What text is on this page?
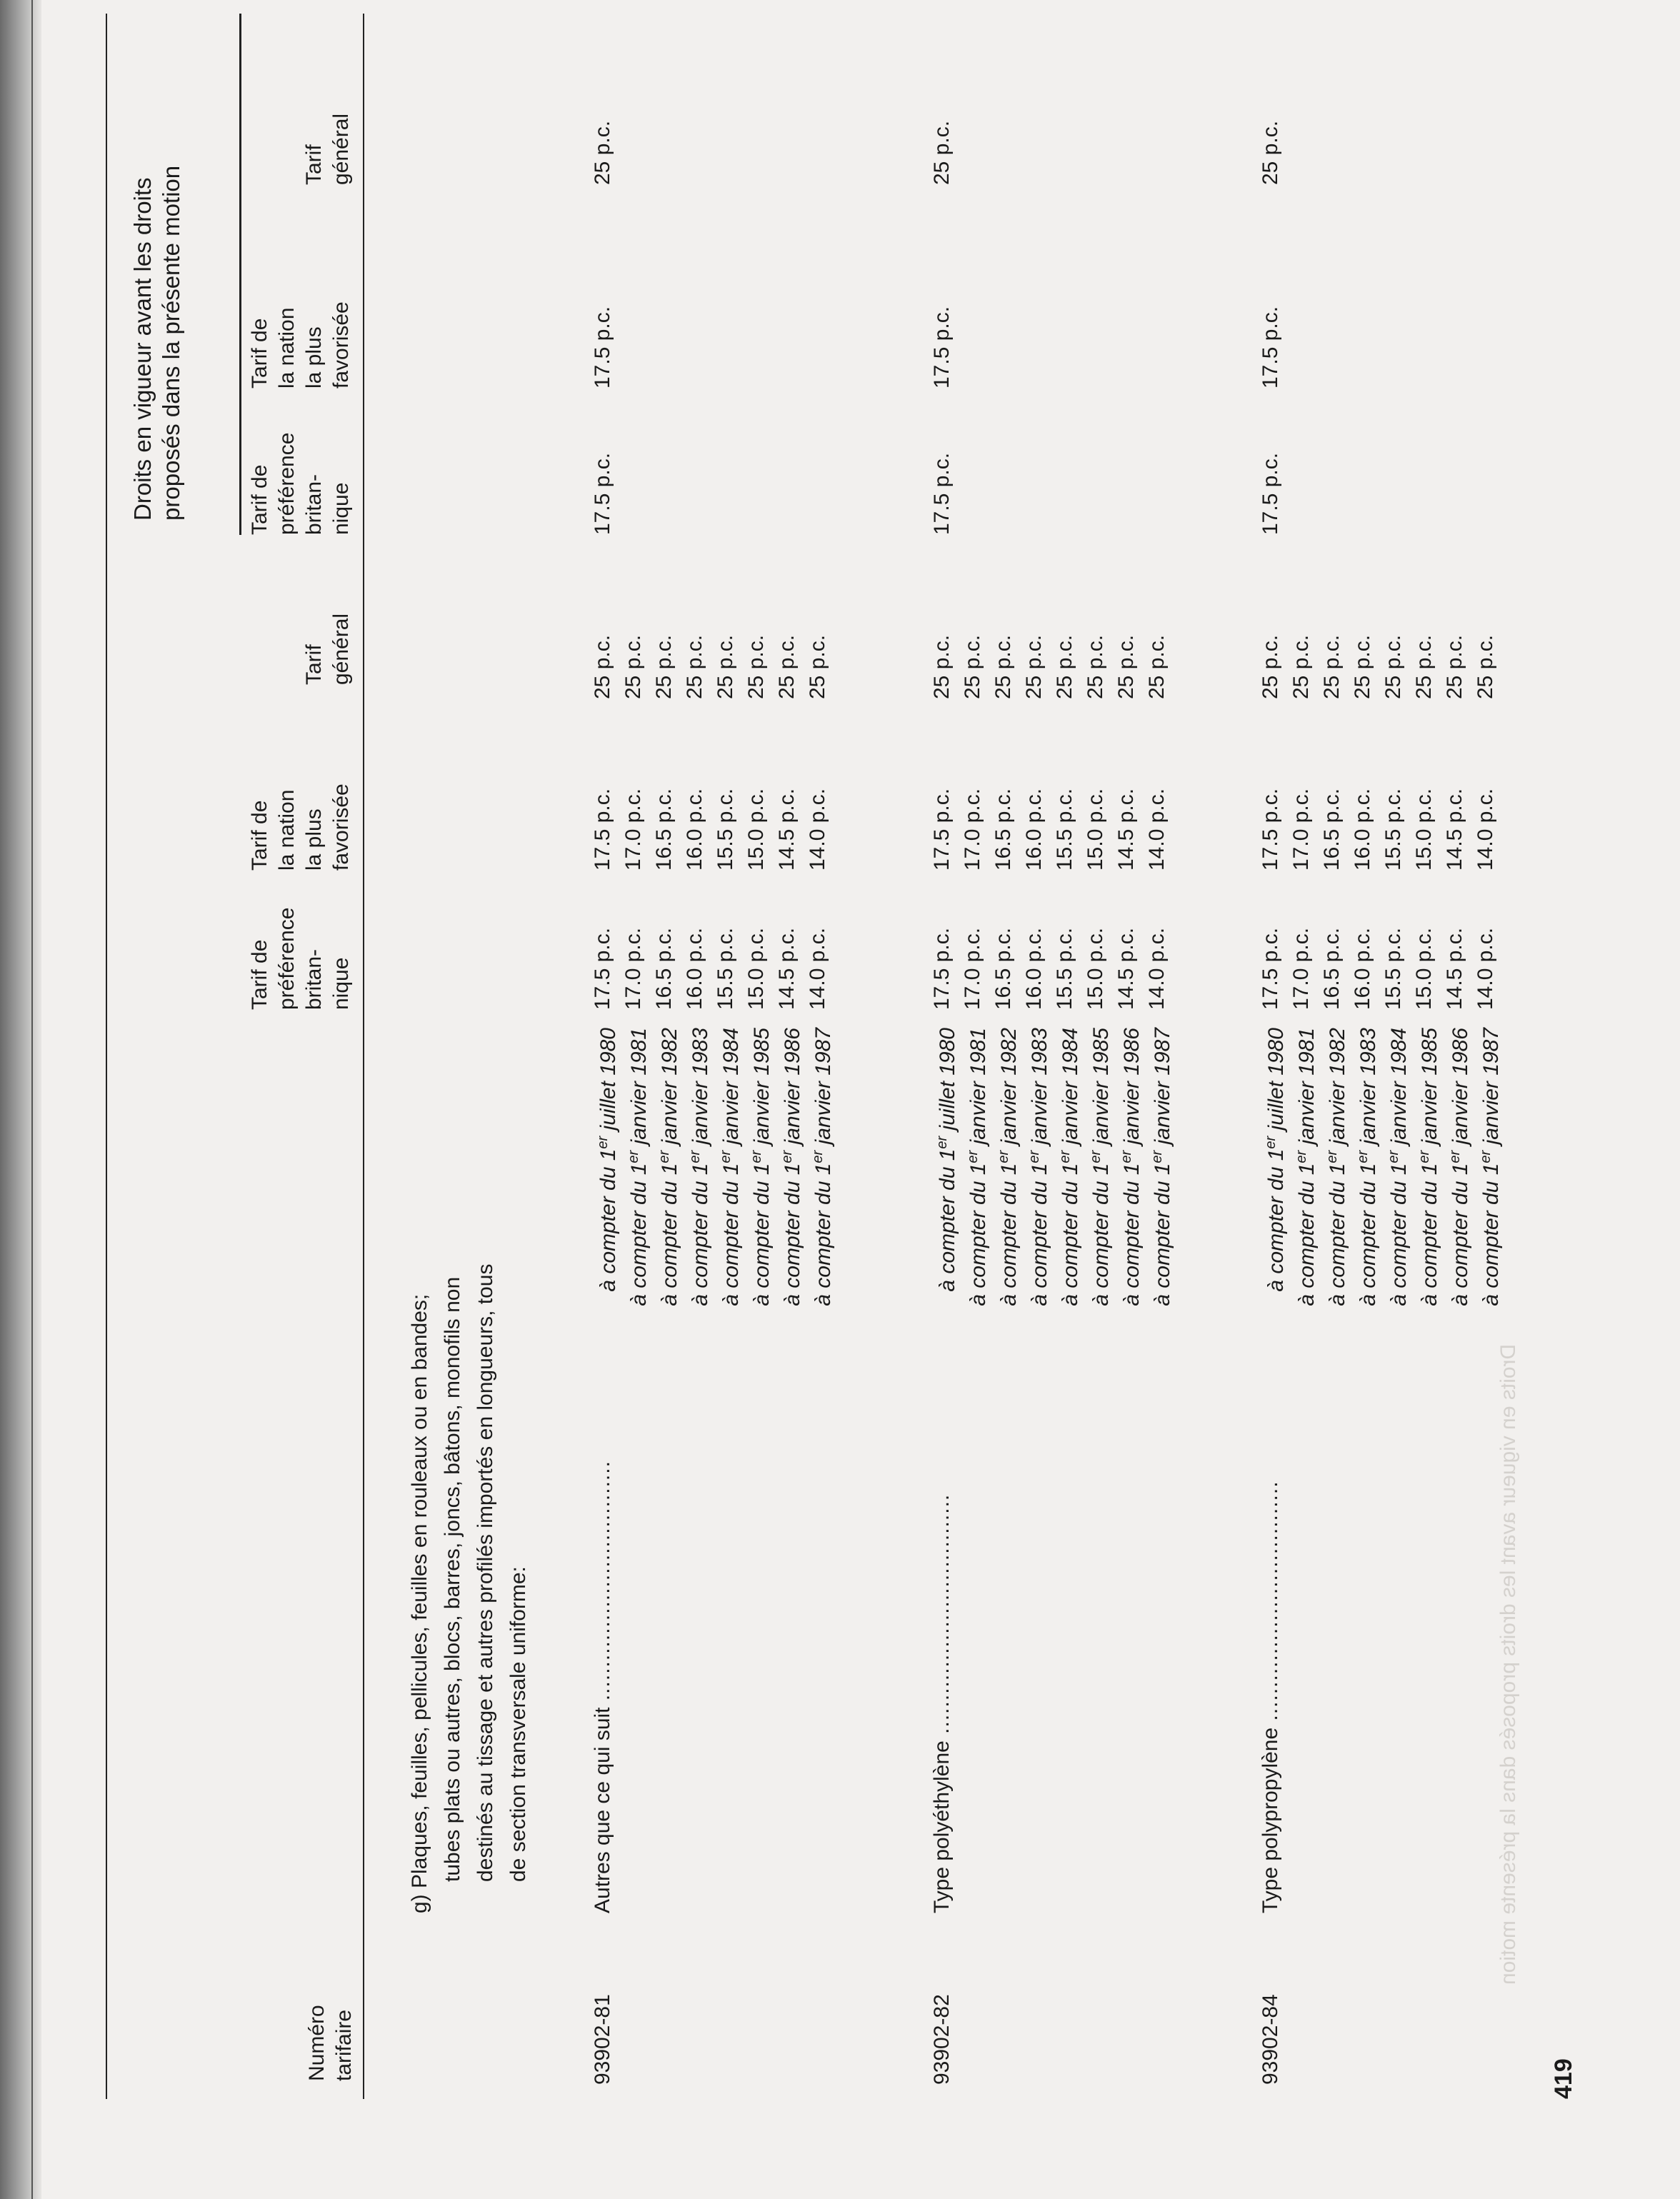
Droits en vigueur avant les droits proposés dans la présente motion
Numéro tarifaire
Tarif de préférence britan- nique
Tarif de la nation la plus favorisée
Tarif général
Droits en vigueur avant les droits proposés dans la présente motion	Tarif de préférence britan- nique
Tarif de la nation la plus favorisée
Tarif général
g) Plaques, feuilles, pellicules, feuilles en rouleaux ou en bandes; tubes plats ou autres, blocs, barres, joncs, bâtons, monofils non destinés au tissage et autres profilés importés en longueurs, tous de section transversale uniforme:
93902-81
Autres que ce qui suit ....................................
17.5 p.c.
17.5 p.c.
25 p.c.
à compter du 1er juillet 1980
17.5 p.c.
17.5 p.c.
25 p.c.
à compter du 1er janvier 1981
17.0 p.c.
17.0 p.c.
25 p.c.
à compter du 1er janvier 1982
16.5 p.c.
16.5 p.c.
25 p.c.
à compter du 1er janvier 1983
16.0 p.c.
16.0 p.c.
25 p.c.
à compter du 1er janvier 1984
15.5 p.c.
15.5 p.c.
25 p.c.
à compter du 1er janvier 1985
15.0 p.c.
15.0 p.c.
25 p.c.
à compter du 1er janvier 1986
14.5 p.c.
14.5 p.c.
25 p.c.
à compter du 1er janvier 1987
14.0 p.c.
14.0 p.c.
25 p.c.
93902-82
Type polyéthylène ....................................
17.5 p.c.
17.5 p.c.
25 p.c.
à compter du 1er juillet 1980
17.5 p.c.
17.5 p.c.
25 p.c.
à compter du 1er janvier 1981
17.0 p.c.
17.0 p.c.
25 p.c.
à compter du 1er janvier 1982
16.5 p.c.
16.5 p.c.
25 p.c.
à compter du 1er janvier 1983
16.0 p.c.
16.0 p.c.
25 p.c.
à compter du 1er janvier 1984
15.5 p.c.
15.5 p.c.
25 p.c.
à compter du 1er janvier 1985
15.0 p.c.
15.0 p.c.
25 p.c.
à compter du 1er janvier 1986
14.5 p.c.
14.5 p.c.
25 p.c.
à compter du 1er janvier 1987
14.0 p.c.
14.0 p.c.
25 p.c.
93902-84
Type polypropylène ....................................
17.5 p.c.
17.5 p.c.
25 p.c.
à compter du 1er juillet 1980
17.5 p.c.
17.5 p.c.
25 p.c.
à compter du 1er janvier 1981
17.0 p.c.
17.0 p.c.
25 p.c.
à compter du 1er janvier 1982
16.5 p.c.
16.5 p.c.
25 p.c.
à compter du 1er janvier 1983
16.0 p.c.
16.0 p.c.
25 p.c.
à compter du 1er janvier 1984
15.5 p.c.
15.5 p.c.
25 p.c.
à compter du 1er janvier 1985
15.0 p.c.
15.0 p.c.
25 p.c.
à compter du 1er janvier 1986
14.5 p.c.
14.5 p.c.
25 p.c.
à compter du 1er janvier 1987
14.0 p.c.
14.0 p.c.
25 p.c.
419
